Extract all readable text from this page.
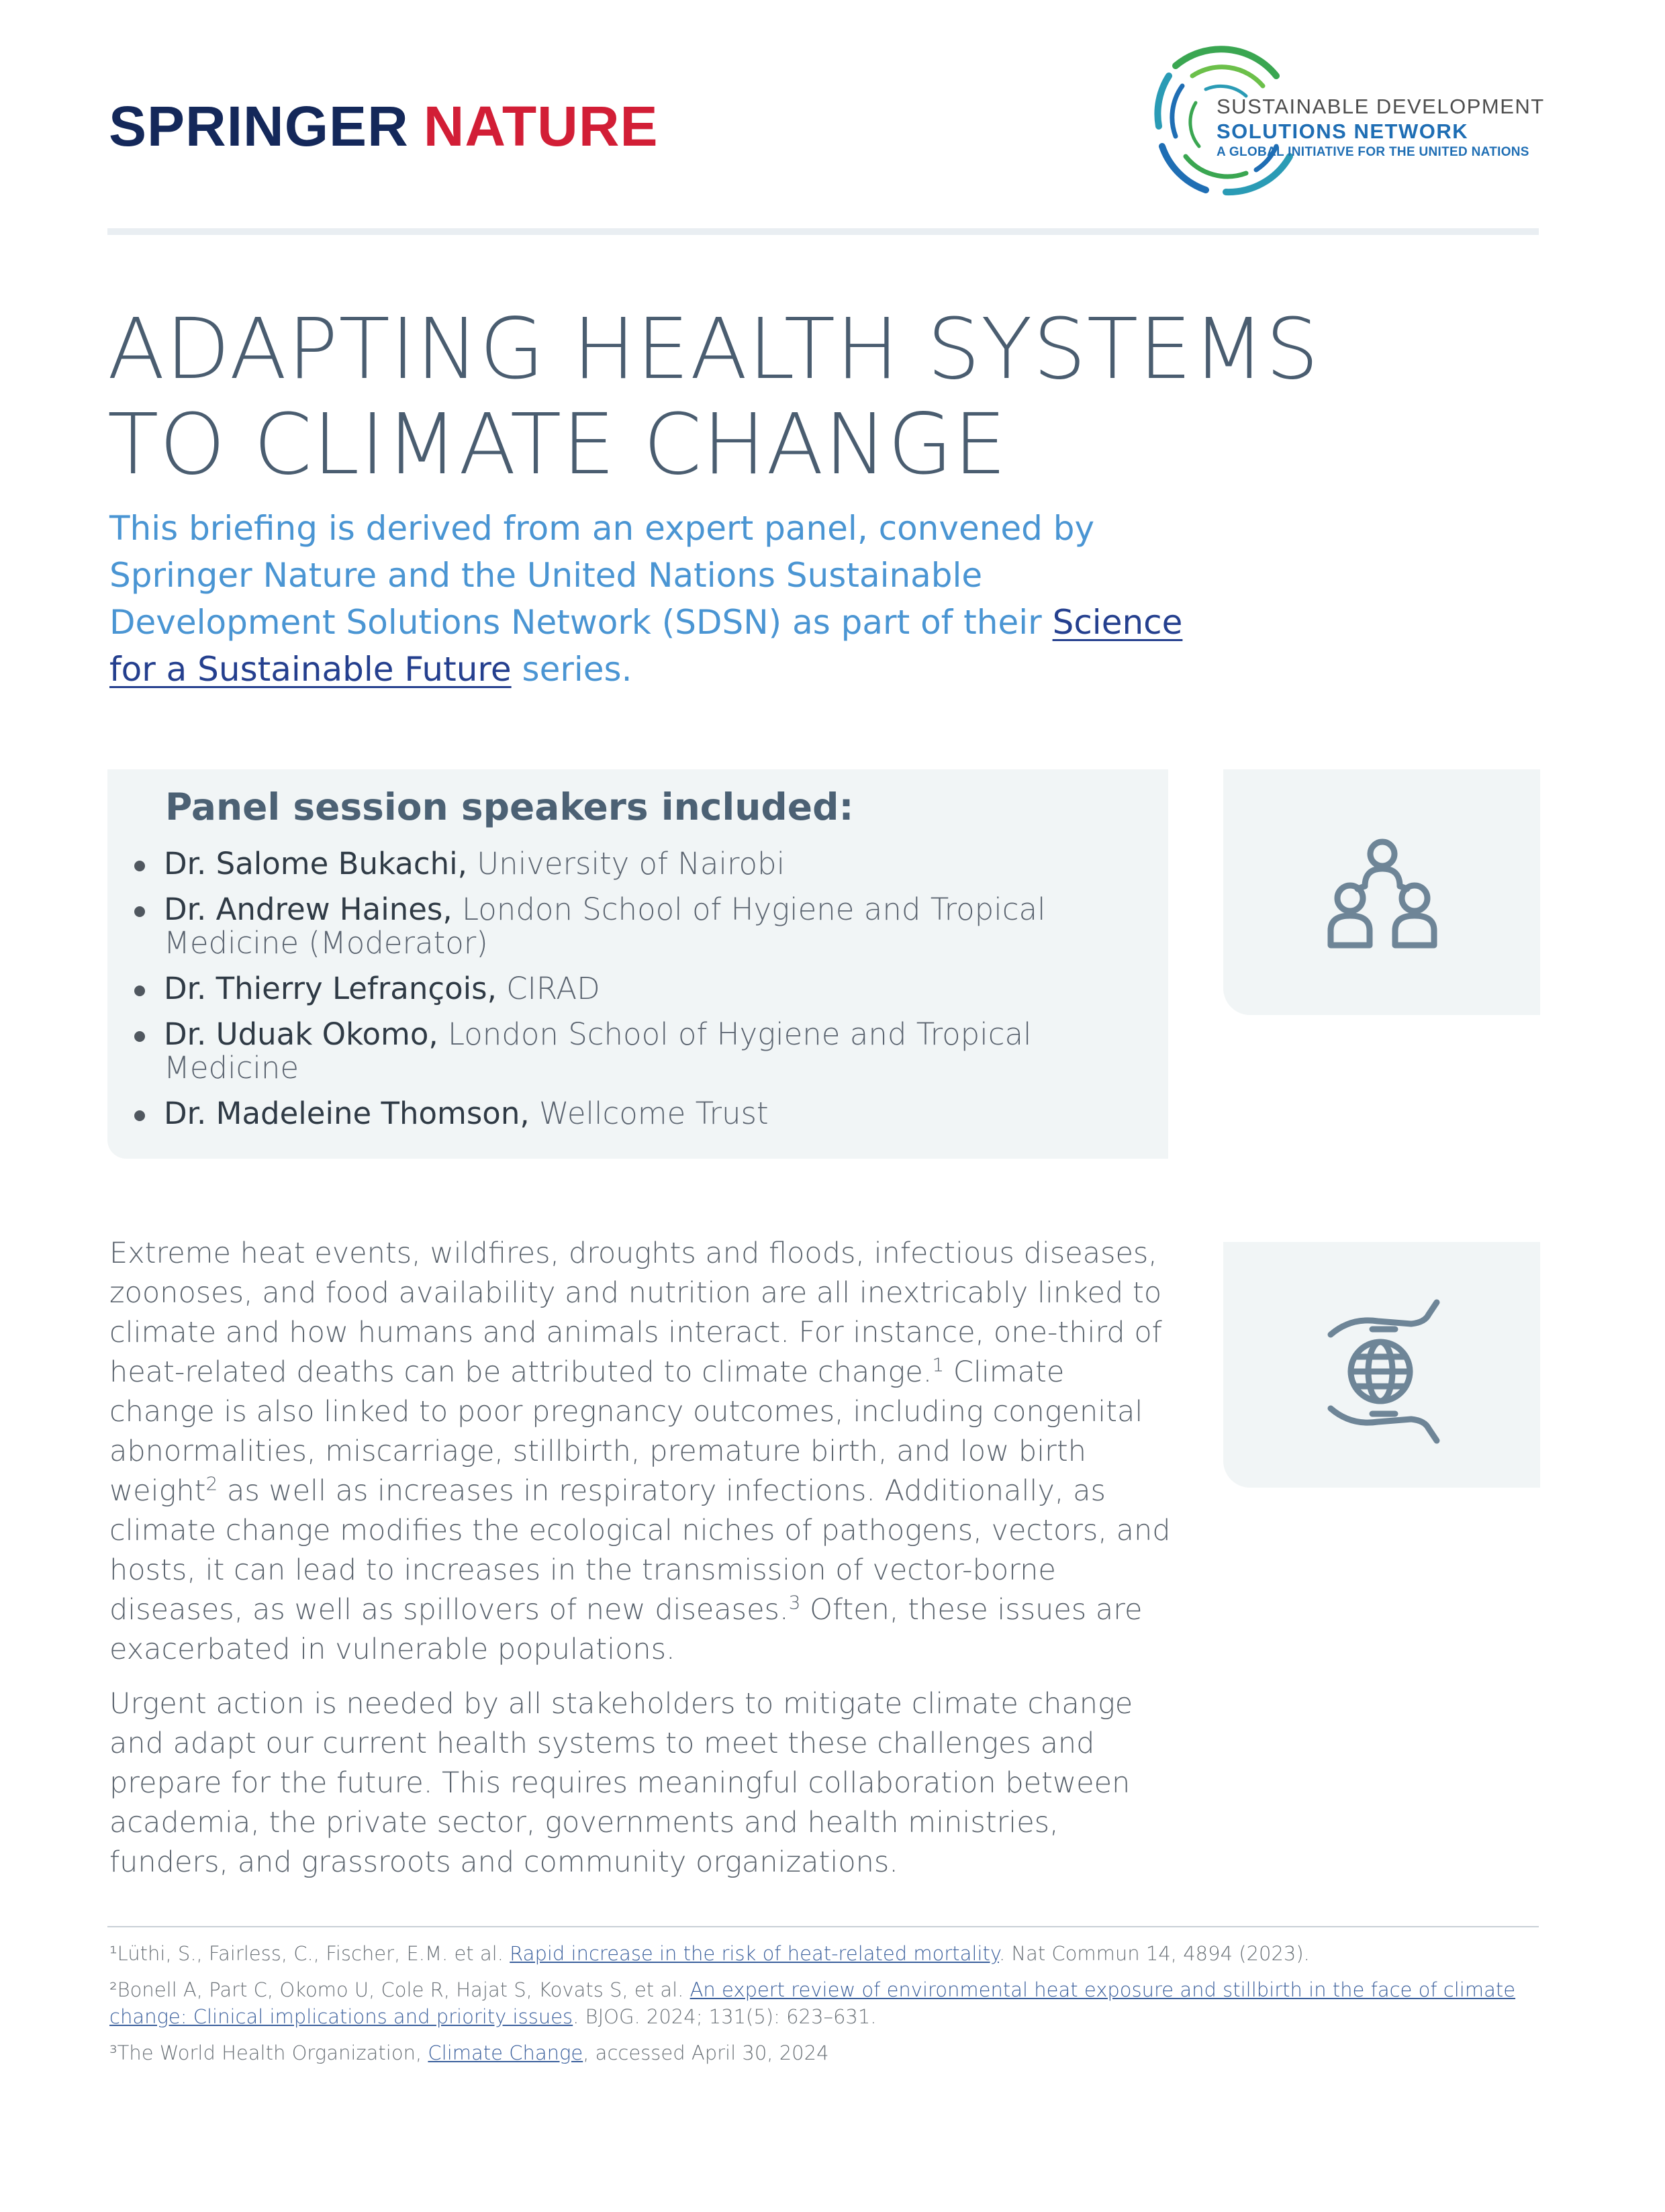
SPRINGER NATURE	SUSTAINABLE DEVELOPMENT
SOLUTIONS NETWORK
A GLOBAL INITIATIVE FOR THE UNITED NATIONS
ADAPTING HEALTH SYSTEMS
TO CLIMATE CHANGE
This briefing is derived from an expert panel, convened by Springer Nature and the United Nations Sustainable Development Solutions Network (SDSN) as part of their Science for a Sustainable Future series.
Panel session speakers included:
Dr. Salome Bukachi, University of Nairobi
Dr. Andrew Haines, London School of Hygiene and Tropical Medicine (Moderator)
Dr. Thierry Lefrançois, CIRAD
Dr. Uduak Okomo, London School of Hygiene and Tropical Medicine
Dr. Madeleine Thomson, Wellcome Trust

Extreme heat events, wildfires, droughts and floods, infectious diseases, zoonoses, and food availability and nutrition are all inextricably linked to climate and how humans and animals interact. For instance, one-third of heat-related deaths can be attributed to climate change.$^1$ Climate change is also linked to poor pregnancy outcomes, including congenital abnormalities, miscarriage, stillbirth, premature birth, and low birth weight$^2$ as well as increases in respiratory infections. Additionally, as climate change modifies the ecological niches of pathogens, vectors, and hosts, it can lead to increases in the transmission of vector-borne diseases, as well as spillovers of new diseases.$^3$ Often, these issues are exacerbated in vulnerable populations.

Urgent action is needed by all stakeholders to mitigate climate change and adapt our current health systems to meet these challenges and prepare for the future. This requires meaningful collaboration between academia, the private sector, governments and health ministries, funders, and grassroots and community organizations.

¹Lüthi, S., Fairless, C., Fischer, E.M. et al. Rapid increase in the risk of heat-related mortality. Nat Commun 14, 4894 (2023).

²Bonell A, Part C, Okomo U, Cole R, Hajat S, Kovats S, et al. An expert review of environmental heat exposure and stillbirth in the face of climate change: Clinical implications and priority issues. BJOG. 2024; 131(5): 623–631.

³The World Health Organization, Climate Change, accessed April 30, 2024
